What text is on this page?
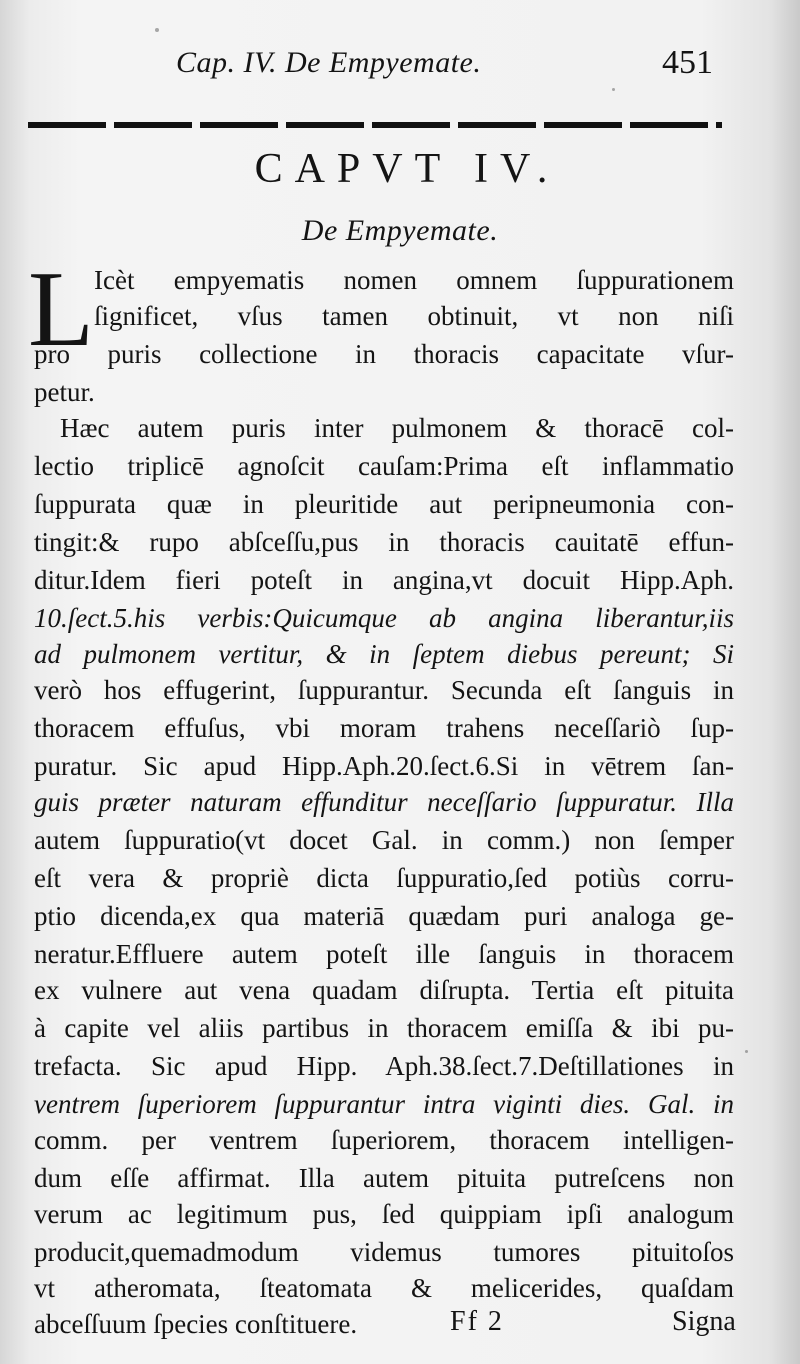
Cap. IV. De Empyemate.	451
CAPVT IV.
De Empyemate.
L Icèt empyematis nomen omnem ſuppurationem
ſignificet, vſus tamen obtinuit, vt non niſi
pro puris collectione in thoracis capacitate vſur-
petur.
Hæc autem puris inter pulmonem & thoracē col-
lectio triplicē agnoſcit cauſam:Prima eſt inflammatio
ſuppurata quæ in pleuritide aut peripneumonia con-
tingit:& rupo abſceſſu,pus in thoracis cauitatē effun-
ditur.Idem fieri poteſt in angina,vt docuit Hipp.Aph.
10.ſect.5.his verbis:Quicumque ab angina liberantur,iis
ad pulmonem vertitur, & in ſeptem diebus pereunt; Si
verò hos effugerint, ſuppurantur. Secunda eſt ſanguis in
thoracem effuſus, vbi moram trahens neceſſariò ſup-
puratur. Sic apud Hipp.Aph.20.ſect.6.Si in vētrem ſan-
guis præter naturam effunditur neceſſario ſuppuratur. Illa
autem ſuppuratio(vt docet Gal. in comm.) non ſemper
eſt vera & propriè dicta ſuppuratio,ſed potiùs corru-
ptio dicenda,ex qua materiā quædam puri analoga ge-
neratur.Effluere autem poteſt ille ſanguis in thoracem
ex vulnere aut vena quadam diſrupta. Tertia eſt pituita
à capite vel aliis partibus in thoracem emiſſa & ibi pu-
trefacta. Sic apud Hipp. Aph.38.ſect.7.Deſtillationes in
ventrem ſuperiorem ſuppurantur intra viginti dies. Gal. in
comm. per ventrem ſuperiorem, thoracem intelligen-
dum eſſe affirmat. Illa autem pituita putreſcens non
verum ac legitimum pus, ſed quippiam ipſi analogum
producit,quemadmodum videmus tumores pituitoſos
vt atheromata, ſteatomata & melicerides, quaſdam
abceſſuum ſpecies conſtituere.	Ff 2	Signa
